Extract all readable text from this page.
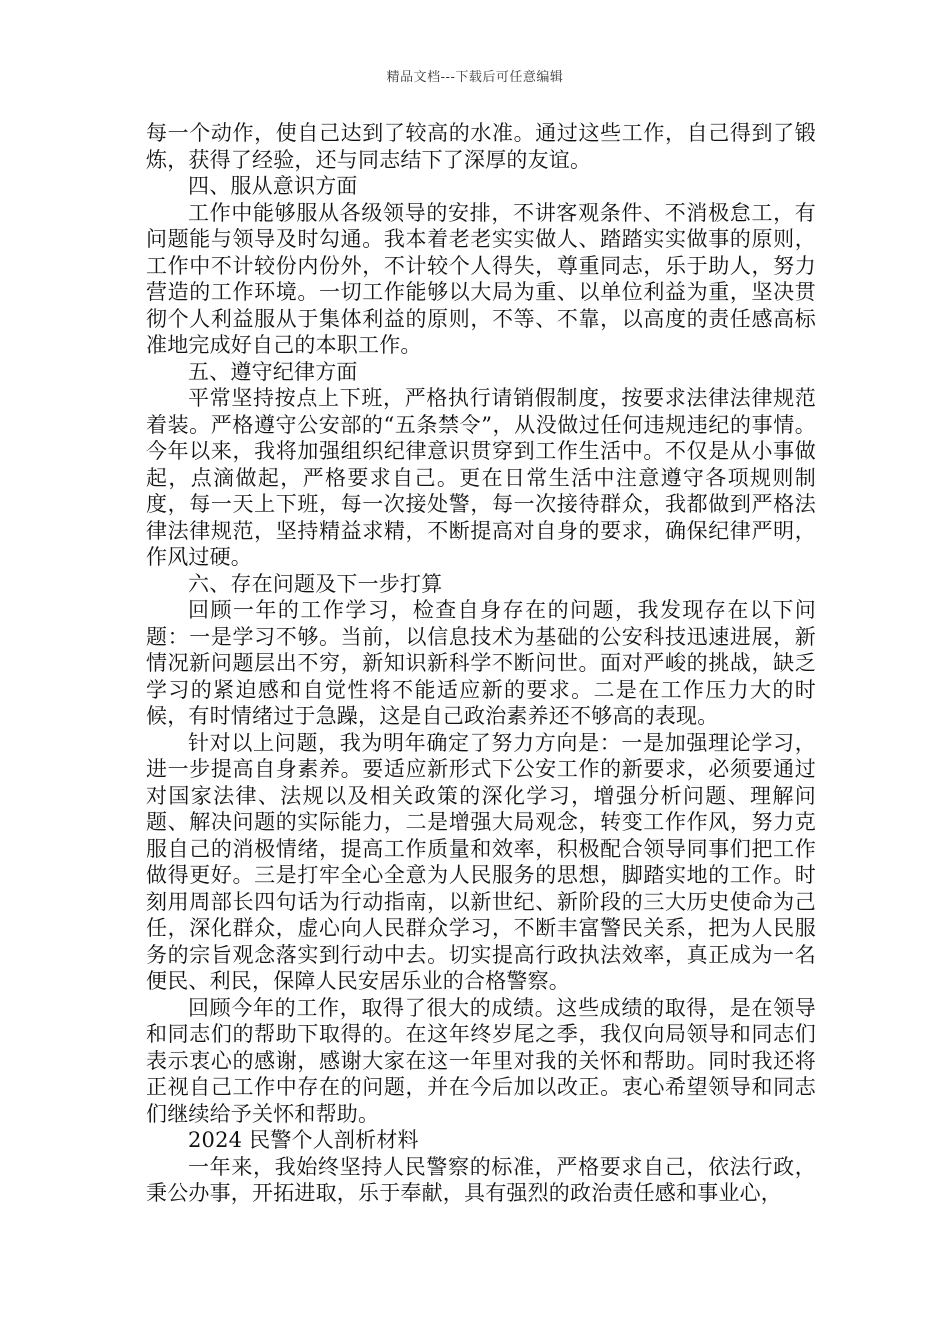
精品文档---下载后可任意编辑

每一个动作，使自己达到了较高的水准。通过这些工作，自己得到了锻炼，获得了经验，还与同志结下了深厚的友谊。

四、服从意识方面

工作中能够服从各级领导的安排，不讲客观条件、不消极怠工，有问题能与领导及时勾通。我本着老老实实做人、踏踏实实做事的原则，工作中不计较份内份外，不计较个人得失，尊重同志，乐于助人，努力营造的工作环境。一切工作能够以大局为重、以单位利益为重，坚决贯彻个人利益服从于集体利益的原则，不等、不靠，以高度的责任感高标准地完成好自己的本职工作。

五、遵守纪律方面

平常坚持按点上下班，严格执行请销假制度，按要求法律法律规范着装。严格遵守公安部的“五条禁令”，从没做过任何违规违纪的事情。今年以来，我将加强组织纪律意识贯穿到工作生活中。不仅是从小事做起，点滴做起，严格要求自己。更在日常生活中注意遵守各项规则制度，每一天上下班，每一次接处警，每一次接待群众，我都做到严格法律法律规范，坚持精益求精，不断提高对自身的要求，确保纪律严明，作风过硬。

六、存在问题及下一步打算

回顾一年的工作学习，检查自身存在的问题，我发现存在以下问题：一是学习不够。当前，以信息技术为基础的公安科技迅速进展，新情况新问题层出不穷，新知识新科学不断问世。面对严峻的挑战，缺乏学习的紧迫感和自觉性将不能适应新的要求。二是在工作压力大的时候，有时情绪过于急躁，这是自己政治素养还不够高的表现。

针对以上问题，我为明年确定了努力方向是：一是加强理论学习，进一步提高自身素养。要适应新形式下公安工作的新要求，必须要通过对国家法律、法规以及相关政策的深化学习，增强分析问题、理解问题、解决问题的实际能力，二是增强大局观念，转变工作作风，努力克服自己的消极情绪，提高工作质量和效率，积极配合领导同事们把工作做得更好。三是打牢全心全意为人民服务的思想，脚踏实地的工作。时刻用周部长四句话为行动指南，以新世纪、新阶段的三大历史使命为己任，深化群众，虚心向人民群众学习，不断丰富警民关系，把为人民服务的宗旨观念落实到行动中去。切实提高行政执法效率，真正成为一名便民、利民，保障人民安居乐业的合格警察。

回顾今年的工作，取得了很大的成绩。这些成绩的取得，是在领导和同志们的帮助下取得的。在这年终岁尾之季，我仅向局领导和同志们表示衷心的感谢，感谢大家在这一年里对我的关怀和帮助。同时我还将正视自己工作中存在的问题，并在今后加以改正。衷心希望领导和同志们继续给予关怀和帮助。

2024 民警个人剖析材料

一年来，我始终坚持人民警察的标准，严格要求自己，依法行政，秉公办事，开拓进取，乐于奉献，具有强烈的政治责任感和事业心，
